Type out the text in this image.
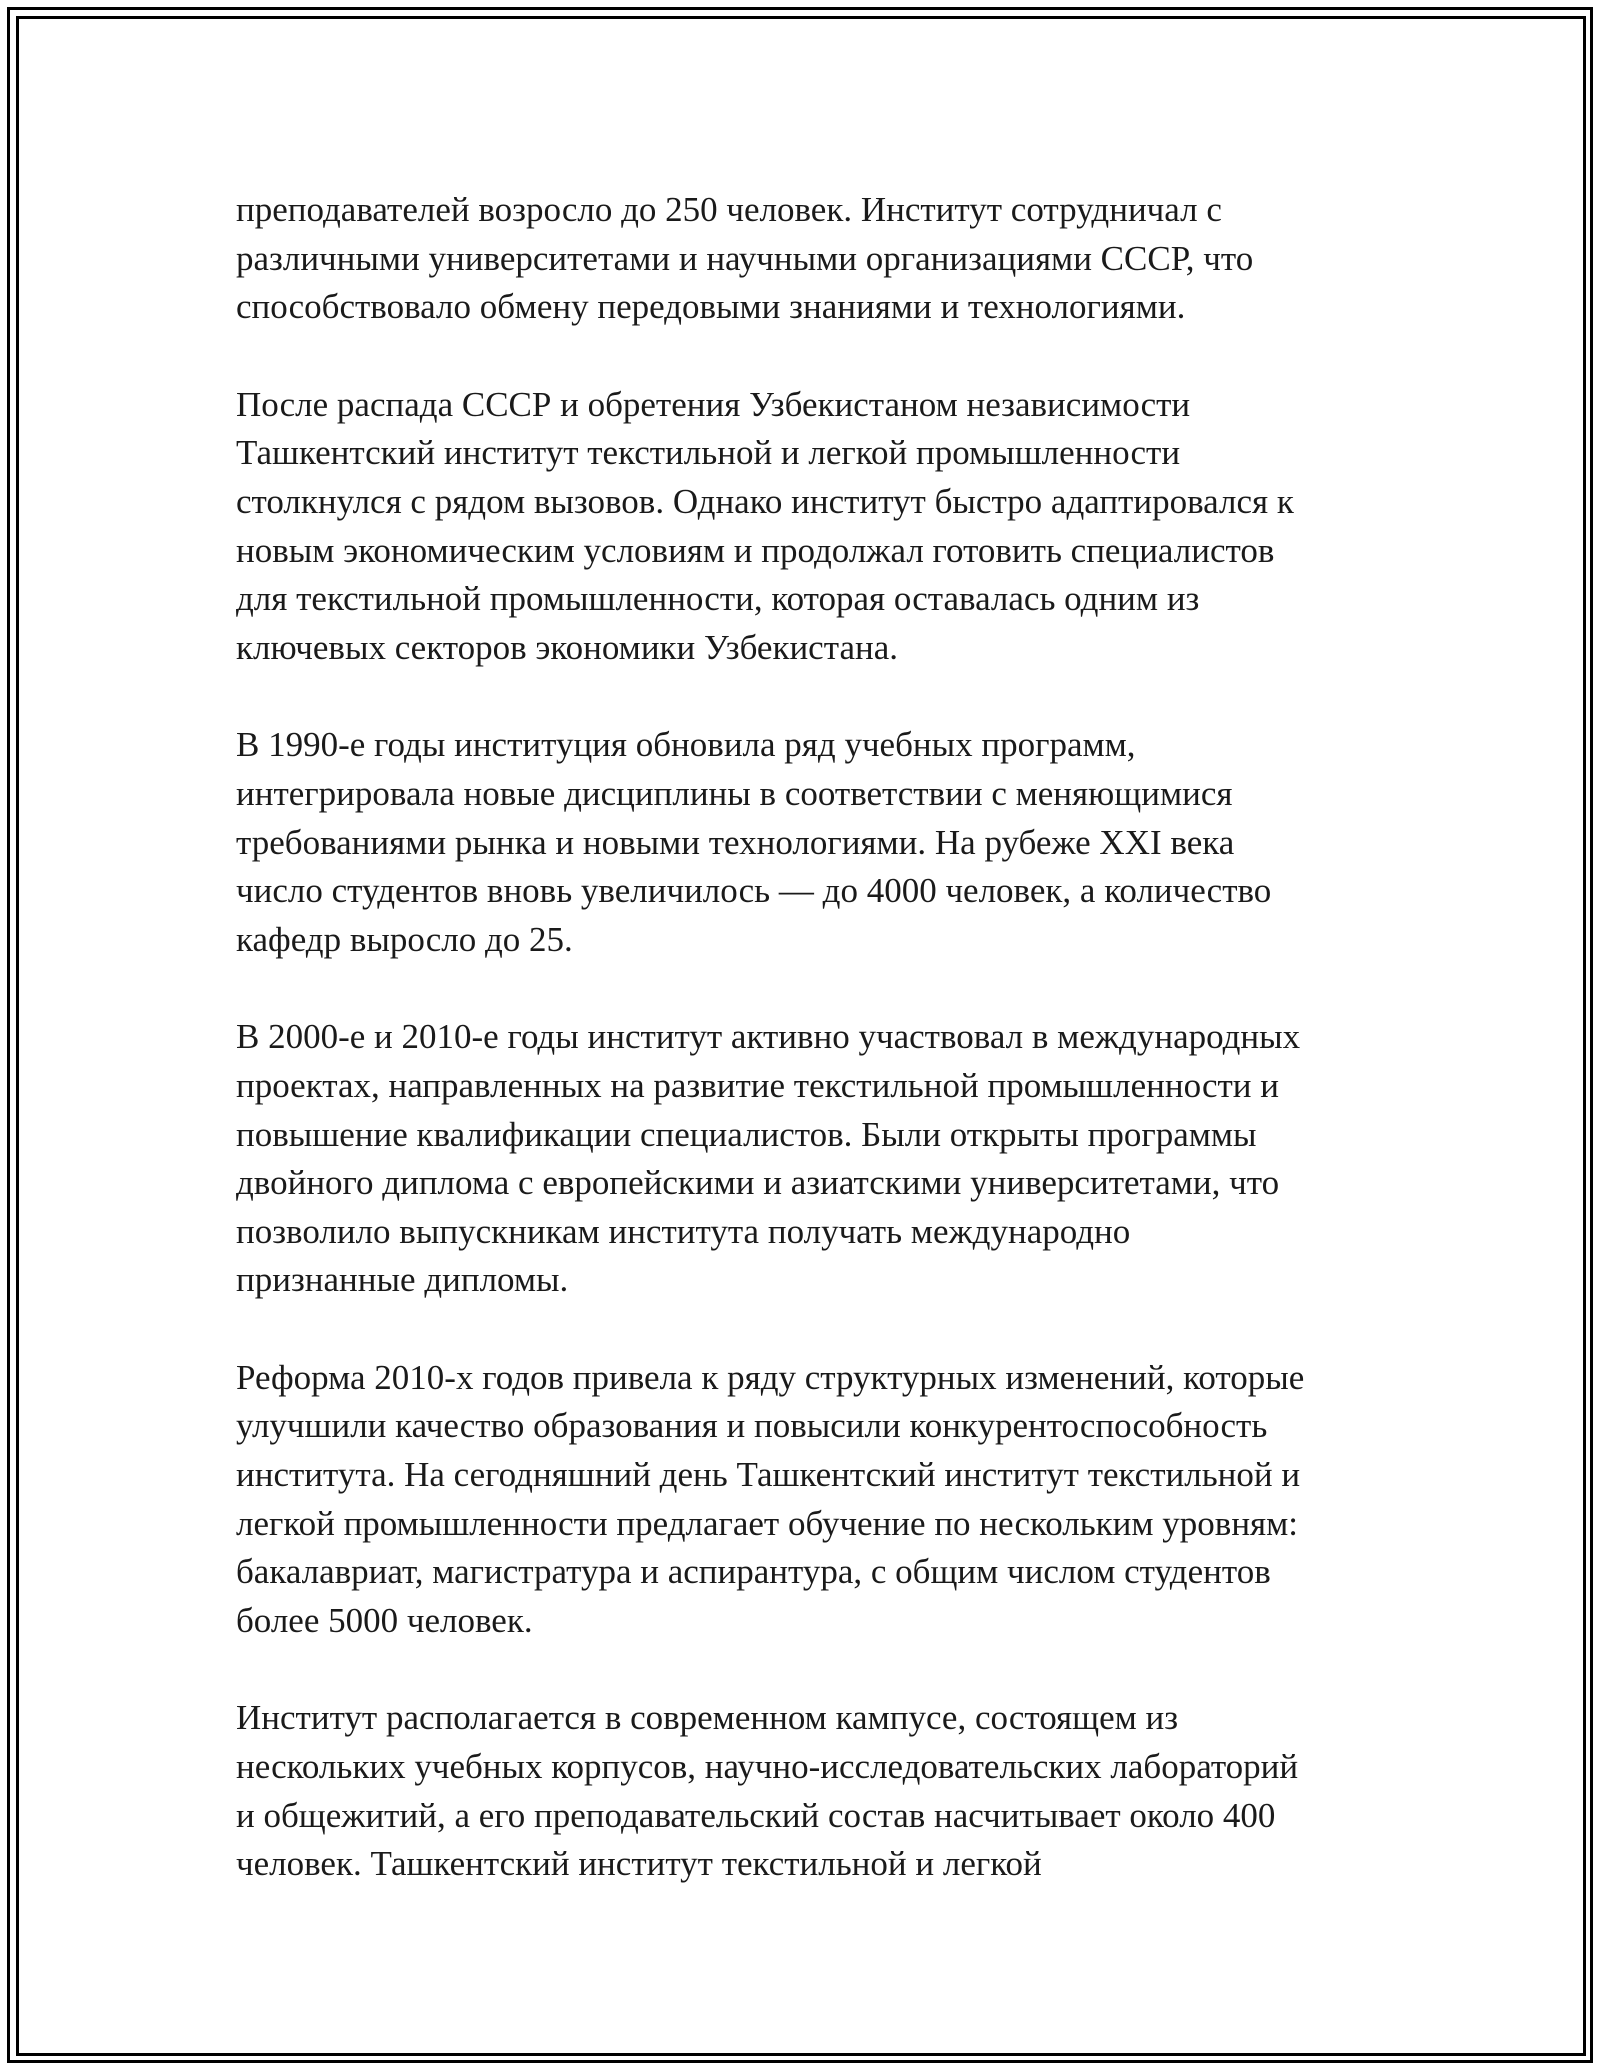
преподавателей возросло до 250 человек. Институт сотрудничал с
различными университетами и научными организациями СССР, что
способствовало обмену передовыми знаниями и технологиями.

После распада СССР и обретения Узбекистаном независимости
Ташкентский институт текстильной и легкой промышленности
столкнулся с рядом вызовов. Однако институт быстро адаптировался к
новым экономическим условиям и продолжал готовить специалистов
для текстильной промышленности, которая оставалась одним из
ключевых секторов экономики Узбекистана.

В 1990-е годы институция обновила ряд учебных программ,
интегрировала новые дисциплины в соответствии с меняющимися
требованиями рынка и новыми технологиями. На рубеже XXI века
число студентов вновь увеличилось — до 4000 человек, а количество
кафедр выросло до 25.

В 2000-е и 2010-е годы институт активно участвовал в международных
проектах, направленных на развитие текстильной промышленности и
повышение квалификации специалистов. Были открыты программы
двойного диплома с европейскими и азиатскими университетами, что
позволило выпускникам института получать международно
признанные дипломы.

Реформа 2010-х годов привела к ряду структурных изменений, которые
улучшили качество образования и повысили конкурентоспособность
института. На сегодняшний день Ташкентский институт текстильной и
легкой промышленности предлагает обучение по нескольким уровням:
бакалавриат, магистратура и аспирантура, с общим числом студентов
более 5000 человек.

Институт располагается в современном кампусе, состоящем из
нескольких учебных корпусов, научно-исследовательских лабораторий
и общежитий, а его преподавательский состав насчитывает около 400
человек. Ташкентский институт текстильной и легкой
